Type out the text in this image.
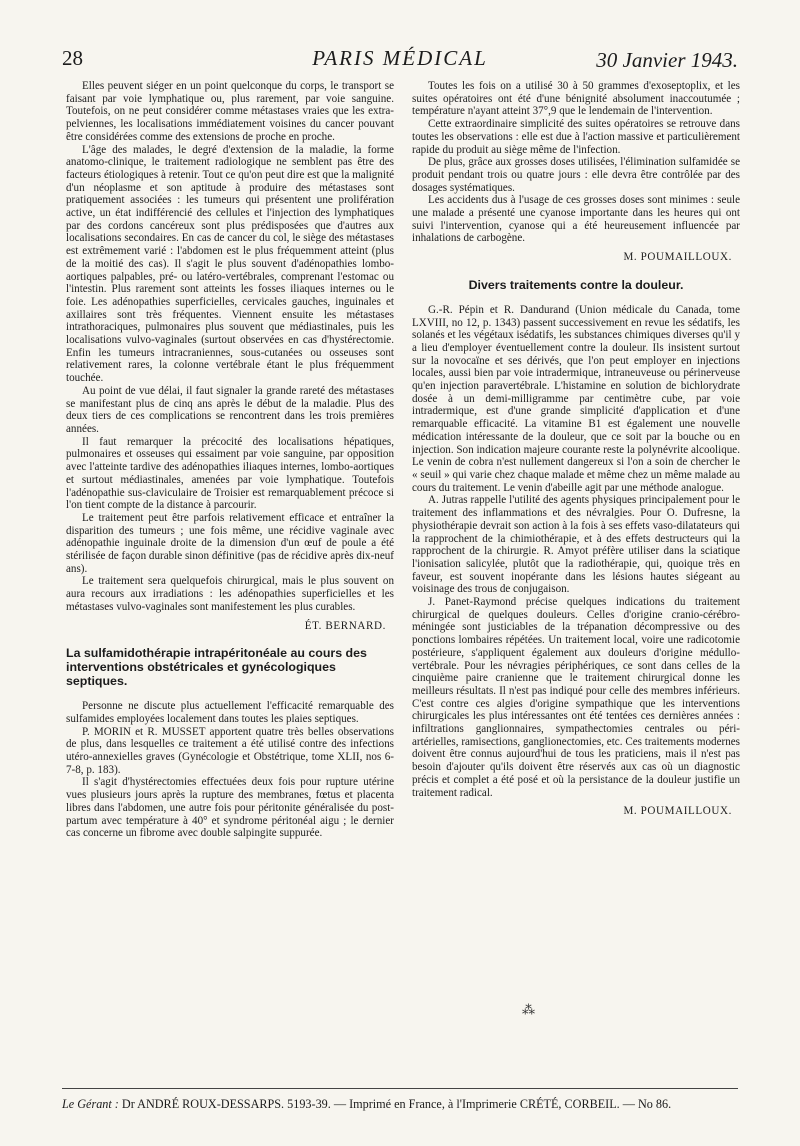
28	PARIS MÉDICAL	30 Janvier 1943.

Elles peuvent siéger en un point quelconque du corps, le transport se faisant par voie lymphatique ou, plus rarement, par voie sanguine. Toutefois, on ne peut considérer comme métastases vraies que les extra-pelviennes, les localisations immédiatement voisines du cancer pouvant être considérées comme des extensions de proche en proche.

L'âge des malades, le degré d'extension de la maladie, la forme anatomo-clinique, le traitement radiologique ne semblent pas être des facteurs étiologiques à retenir. Tout ce qu'on peut dire est que la malignité d'un néoplasme et son aptitude à produire des métastases sont pratiquement associées : les tumeurs qui présentent une prolifération active, un état indifférencié des cellules et l'injection des lymphatiques par des cordons cancéreux sont plus prédisposées que d'autres aux localisations secondaires. En cas de cancer du col, le siège des métastases est extrêmement varié : l'abdomen est le plus fréquemment atteint (plus de la moitié des cas). Il s'agit le plus souvent d'adénopathies lombo-aortiques palpables, pré- ou latéro-vertébrales, comprenant l'estomac ou l'intestin. Plus rarement sont atteints les fosses iliaques internes ou le foie. Les adénopathies superficielles, cervicales gauches, inguinales et axillaires sont très fréquentes. Viennent ensuite les métastases intrathoraciques, pulmonaires plus souvent que médiastinales, puis les localisations vulvo-vaginales (surtout observées en cas d'hystérectomie. Enfin les tumeurs intracraniennes, sous-cutanées ou osseuses sont relativement rares, la colonne vertébrale étant le plus fréquemment touchée.

Au point de vue délai, il faut signaler la grande rareté des métastases se manifestant plus de cinq ans après le début de la maladie. Plus des deux tiers de ces complications se rencontrent dans les trois premières années.

Il faut remarquer la précocité des localisations hépatiques, pulmonaires et osseuses qui essaiment par voie sanguine, par opposition avec l'atteinte tardive des adénopathies iliaques internes, lombo-aortiques et surtout médiastinales, amenées par voie lymphatique. Toutefois l'adénopathie sus-claviculaire de Troisier est remarquablement précoce si l'on tient compte de la distance à parcourir.

Le traitement peut être parfois relativement efficace et entraîner la disparition des tumeurs ; une fois même, une récidive vaginale avec adénopathie inguinale droite de la dimension d'un œuf de poule a été stérilisée de façon durable sinon définitive (pas de récidive après dix-neuf ans).

Le traitement sera quelquefois chirurgical, mais le plus souvent on aura recours aux irradiations : les adénopathies superficielles et les métastases vulvo-vaginales sont manifestement les plus curables.

ÉT. BERNARD.
La sulfamidothérapie intrapéritonéale au cours des interventions obstétricales et gynécologiques septiques.

Personne ne discute plus actuellement l'efficacité remarquable des sulfamides employées localement dans toutes les plaies septiques.

P. MORIN et R. MUSSET apportent quatre très belles observations de plus, dans lesquelles ce traitement a été utilisé contre des infections utéro-annexielles graves (Gynécologie et Obstétrique, tome XLII, nos 6-7-8, p. 183).

Il s'agit d'hystérectomies effectuées deux fois pour rupture utérine vues plusieurs jours après la rupture des membranes, fœtus et placenta libres dans l'abdomen, une autre fois pour péritonite généralisée du post-partum avec température à 40° et syndrome péritonéal aigu ; le dernier cas concerne un fibrome avec double salpingite suppurée.

Toutes les fois on a utilisé 30 à 50 grammes d'exoseptoplix, et les suites opératoires ont été d'une bénignité absolument inaccoutumée ; température n'ayant atteint 37°,9 que le lendemain de l'intervention.

Cette extraordinaire simplicité des suites opératoires se retrouve dans toutes les observations : elle est due à l'action massive et particulièrement rapide du produit au siège même de l'infection.

De plus, grâce aux grosses doses utilisées, l'élimination sulfamidée se produit pendant trois ou quatre jours : elle devra être contrôlée par des dosages systématiques.

Les accidents dus à l'usage de ces grosses doses sont minimes : seule une malade a présenté une cyanose importante dans les heures qui ont suivi l'intervention, cyanose qui a été heureusement influencée par inhalations de carbogène.

M. POUMAILLOUX.
Divers traitements contre la douleur.

G.-R. Pépin et R. Dandurand (Union médicale du Canada, tome LXVIII, no 12, p. 1343) passent successivement en revue les sédatifs, les solanés et les végétaux isédatifs, les substances chimiques diverses qu'il y a lieu d'employer éventuellement contre la douleur. Ils insistent surtout sur la novocaïne et ses dérivés, que l'on peut employer en injections locales, aussi bien par voie intradermique, intraneuveuse ou périnerveuse qu'en injection paravertébrale. L'histamine en solution de bichlorydrate dosée à un demi-milligramme par centimètre cube, par voie intradermique, est d'une grande simplicité d'application et d'une remarquable efficacité. La vitamine B1 est également une nouvelle médication intéressante de la douleur, que ce soit par la bouche ou en injection. Son indication majeure courante reste la polynévrite alcoolique. Le venin de cobra n'est nullement dangereux si l'on a soin de chercher le « seuil » qui varie chez chaque malade et même chez un même malade au cours du traitement. Le venin d'abeille agit par une méthode analogue.

A. Jutras rappelle l'utilité des agents physiques principalement pour le traitement des inflammations et des névralgies. Pour O. Dufresne, la physiothérapie devrait son action à la fois à ses effets vaso-dilatateurs qui la rapprochent de la chimiothérapie, et à des effets destructeurs qui la rapprochent de la chirurgie. R. Amyot préfère utiliser dans la sciatique l'ionisation salicylée, plutôt que la radiothérapie, qui, quoique très en faveur, est souvent inopérante dans les lésions hautes siégeant au voisinage des trous de conjugaison.

J. Panet-Raymond précise quelques indications du traitement chirurgical de quelques douleurs. Celles d'origine cranio-cérébro-méningée sont justiciables de la trépanation décompressive ou des ponctions lombaires répétées. Un traitement local, voire une radicotomie postérieure, s'appliquent également aux douleurs d'origine médullo-vertébrale. Pour les névragies périphériques, ce sont dans celles de la cinquième paire cranienne que le traitement chirurgical donne les meilleurs résultats. Il n'est pas indiqué pour celle des membres inférieurs. C'est contre ces algies d'origine sympathique que les interventions chirurgicales les plus intéressantes ont été tentées ces dernières années : infiltrations ganglionnaires, sympathectomies centrales ou péri-artérielles, ramisections, ganglionectomies, etc. Ces traitements modernes doivent être connus aujourd'hui de tous les praticiens, mais il n'est pas besoin d'ajouter qu'ils doivent être réservés aux cas où un diagnostic précis et complet a été posé et où la persistance de la douleur justifie un traitement radical.

M. POUMAILLOUX.
⁂
Le Gérant : Dr ANDRÉ ROUX-DESSARPS. 5193-39. — Imprimé en France, à l'Imprimerie CRÉTÉ, CORBEIL. — No 86.
